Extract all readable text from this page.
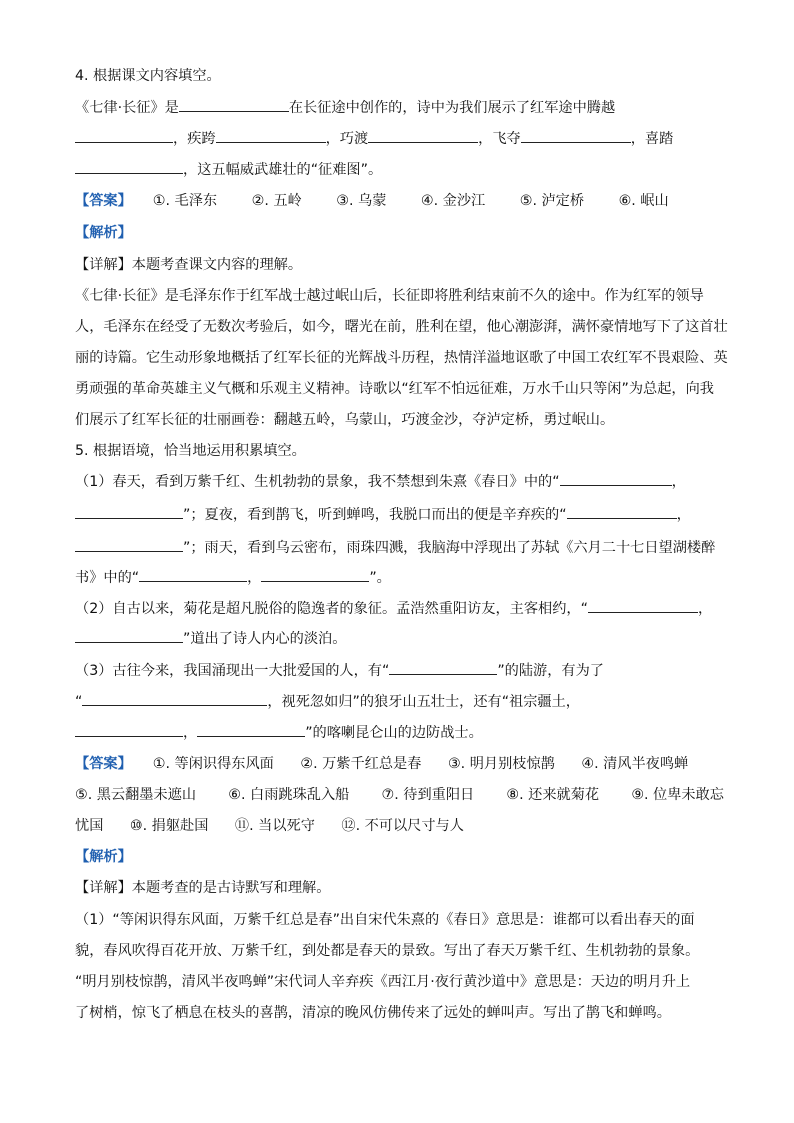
4. 根据课文内容填空。
《七律·长征》是	在长征途中创作的，诗中为我们展示了红军途中腾越
，疾跨	，巧渡	，飞夺	，喜踏
，这五幅威武雄壮的“征难图”。
【答案】 ①. 毛泽东 ②. 五岭 ③. 乌蒙 ④. 金沙江 ⑤. 泸定桥 ⑥. 岷山
【解析】
【详解】本题考查课文内容的理解。
《七律·长征》是毛泽东作于红军战士越过岷山后，长征即将胜利结束前不久的途中。作为红军的领导
人，毛泽东在经受了无数次考验后，如今，曙光在前，胜利在望，他心潮澎湃，满怀豪情地写下了这首壮
丽的诗篇。它生动形象地概括了红军长征的光辉战斗历程，热情洋溢地讴歌了中国工农红军不畏艰险、英
勇顽强的革命英雄主义气概和乐观主义精神。诗歌以“红军不怕远征难，万水千山只等闲”为总起，向我
们展示了红军长征的壮丽画卷：翻越五岭，乌蒙山，巧渡金沙，夺泸定桥，勇过岷山。
5. 根据语境，恰当地运用积累填空。
（1）春天，看到万紫千红、生机勃勃的景象，我不禁想到朱熹《春日》中的“	，
”；夏夜，看到鹊飞，听到蝉鸣，我脱口而出的便是辛弃疾的“	，
”；雨天，看到乌云密布，雨珠四溅，我脑海中浮现出了苏轼《六月二十七日望湖楼醉
书》中的“	，	”。
（2）自古以来，菊花是超凡脱俗的隐逸者的象征。孟浩然重阳访友，主客相约，“	，
”道出了诗人内心的淡泊。
（3）古往今来，我国涌现出一大批爱国的人，有“	”的陆游，有为了
“	，视死忽如归”的狼牙山五壮士，还有“祖宗疆土，
，	”的喀喇昆仑山的边防战士。
【答案】 ①. 等闲识得东风面 ②. 万紫千红总是春 ③. 明月别枝惊鹊 ④. 清风半夜鸣蝉
⑤. 黑云翻墨未遮山 ⑥. 白雨跳珠乱入船 ⑦. 待到重阳日 ⑧. 还来就菊花 ⑨. 位卑未敢忘
忧国 ⑩. 捐躯赴国 ⑪. 当以死守 ⑫. 不可以尺寸与人
【解析】
【详解】本题考查的是古诗默写和理解。
（1）“等闲识得东风面，万紫千红总是春”出自宋代朱熹的《春日》意思是：谁都可以看出春天的面
貌，春风吹得百花开放、万紫千红，到处都是春天的景致。写出了春天万紫千红、生机勃勃的景象。
“明月别枝惊鹊，清风半夜鸣蝉”宋代词人辛弃疾《西江月·夜行黄沙道中》意思是：天边的明月升上
了树梢，惊飞了栖息在枝头的喜鹊，清凉的晚风仿佛传来了远处的蝉叫声。写出了鹊飞和蝉鸣。
